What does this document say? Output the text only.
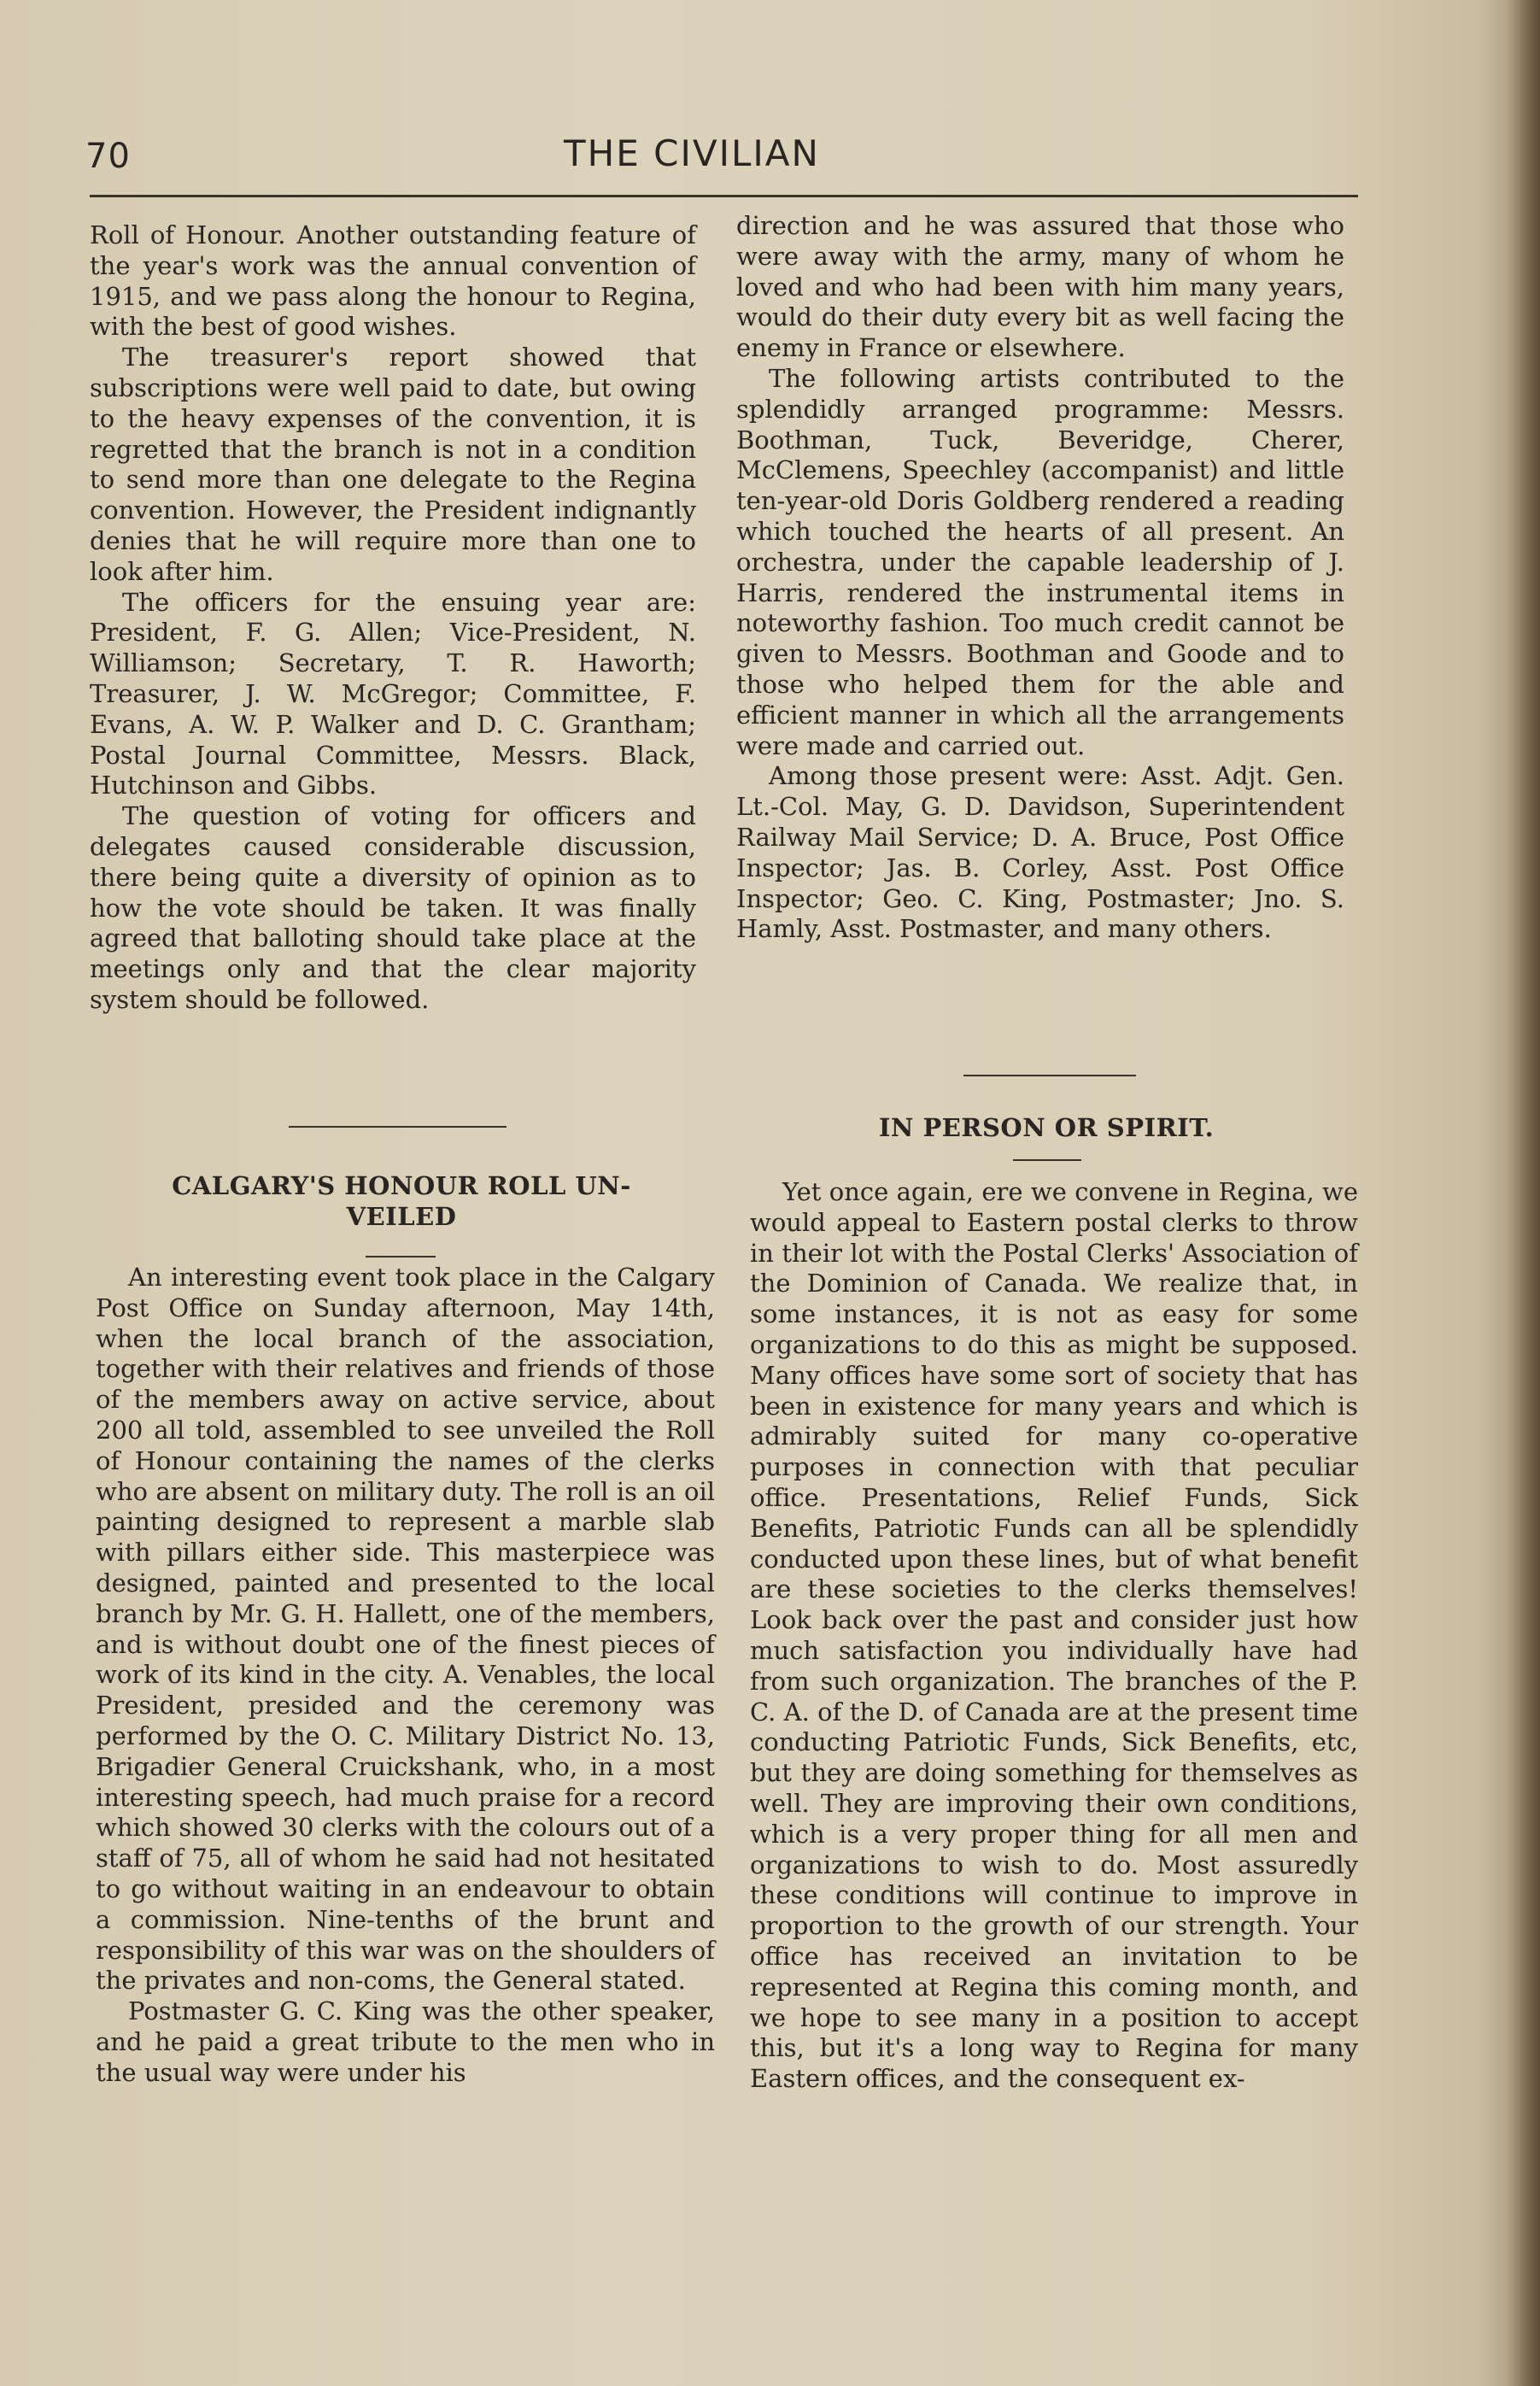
70	THE CIVILIAN

Roll of Honour. Another outstanding feature of the year's work was the annual convention of 1915, and we pass along the honour to Regina, with the best of good wishes.

The treasurer's report showed that subscriptions were well paid to date, but owing to the heavy expenses of the convention, it is regretted that the branch is not in a condition to send more than one delegate to the Regina convention. However, the President indignantly denies that he will require more than one to look after him.

The officers for the ensuing year are: President, F. G. Allen; Vice-President, N. Williamson; Secretary, T. R. Haworth; Treasurer, J. W. McGregor; Committee, F. Evans, A. W. P. Walker and D. C. Grantham; Postal Journal Committee, Messrs. Black, Hutchinson and Gibbs.

The question of voting for officers and delegates caused considerable discussion, there being quite a diversity of opinion as to how the vote should be taken. It was finally agreed that balloting should take place at the meetings only and that the clear majority system should be followed.

CALGARY'S HONOUR ROLL UN-
VEILED

An interesting event took place in the Calgary Post Office on Sunday afternoon, May 14th, when the local branch of the association, together with their relatives and friends of those of the members away on active service, about 200 all told, assembled to see unveiled the Roll of Honour containing the names of the clerks who are absent on military duty. The roll is an oil painting designed to represent a marble slab with pillars either side. This masterpiece was designed, painted and presented to the local branch by Mr. G. H. Hallett, one of the members, and is without doubt one of the finest pieces of work of its kind in the city. A. Venables, the local President, presided and the ceremony was performed by the O. C. Military District No. 13, Brigadier General Cruickshank, who, in a most interesting speech, had much praise for a record which showed 30 clerks with the colours out of a staff of 75, all of whom he said had not hesitated to go without waiting in an endeavour to obtain a commission. Nine-tenths of the brunt and responsibility of this war was on the shoulders of the privates and non-coms, the General stated.

Postmaster G. C. King was the other speaker, and he paid a great tribute to the men who in the usual way were under his

direction and he was assured that those who were away with the army, many of whom he loved and who had been with him many years, would do their duty every bit as well facing the enemy in France or elsewhere.

The following artists contributed to the splendidly arranged programme: Messrs. Boothman, Tuck, Beveridge, Cherer, McClemens, Speechley (accompanist) and little ten-year-old Doris Goldberg rendered a reading which touched the hearts of all present. An orchestra, under the capable leadership of J. Harris, rendered the instrumental items in noteworthy fashion. Too much credit cannot be given to Messrs. Boothman and Goode and to those who helped them for the able and efficient manner in which all the arrangements were made and carried out.

Among those present were: Asst. Adjt. Gen. Lt.-Col. May, G. D. Davidson, Superintendent Railway Mail Service; D. A. Bruce, Post Office Inspector; Jas. B. Corley, Asst. Post Office Inspector; Geo. C. King, Postmaster; Jno. S. Hamly, Asst. Postmaster, and many others.

IN PERSON OR SPIRIT.

Yet once again, ere we convene in Regina, we would appeal to Eastern postal clerks to throw in their lot with the Postal Clerks' Association of the Dominion of Canada. We realize that, in some instances, it is not as easy for some organizations to do this as might be supposed. Many offices have some sort of society that has been in existence for many years and which is admirably suited for many co-operative purposes in connection with that peculiar office. Presentations, Relief Funds, Sick Benefits, Patriotic Funds can all be splendidly conducted upon these lines, but of what benefit are these societies to the clerks themselves! Look back over the past and consider just how much satisfaction you individually have had from such organization. The branches of the P. C. A. of the D. of Canada are at the present time conducting Patriotic Funds, Sick Benefits, etc, but they are doing something for themselves as well. They are improving their own conditions, which is a very proper thing for all men and organizations to wish to do. Most assuredly these conditions will continue to improve in proportion to the growth of our strength. Your office has received an invitation to be represented at Regina this coming month, and we hope to see many in a position to accept this, but it's a long way to Regina for many Eastern offices, and the consequent ex-
